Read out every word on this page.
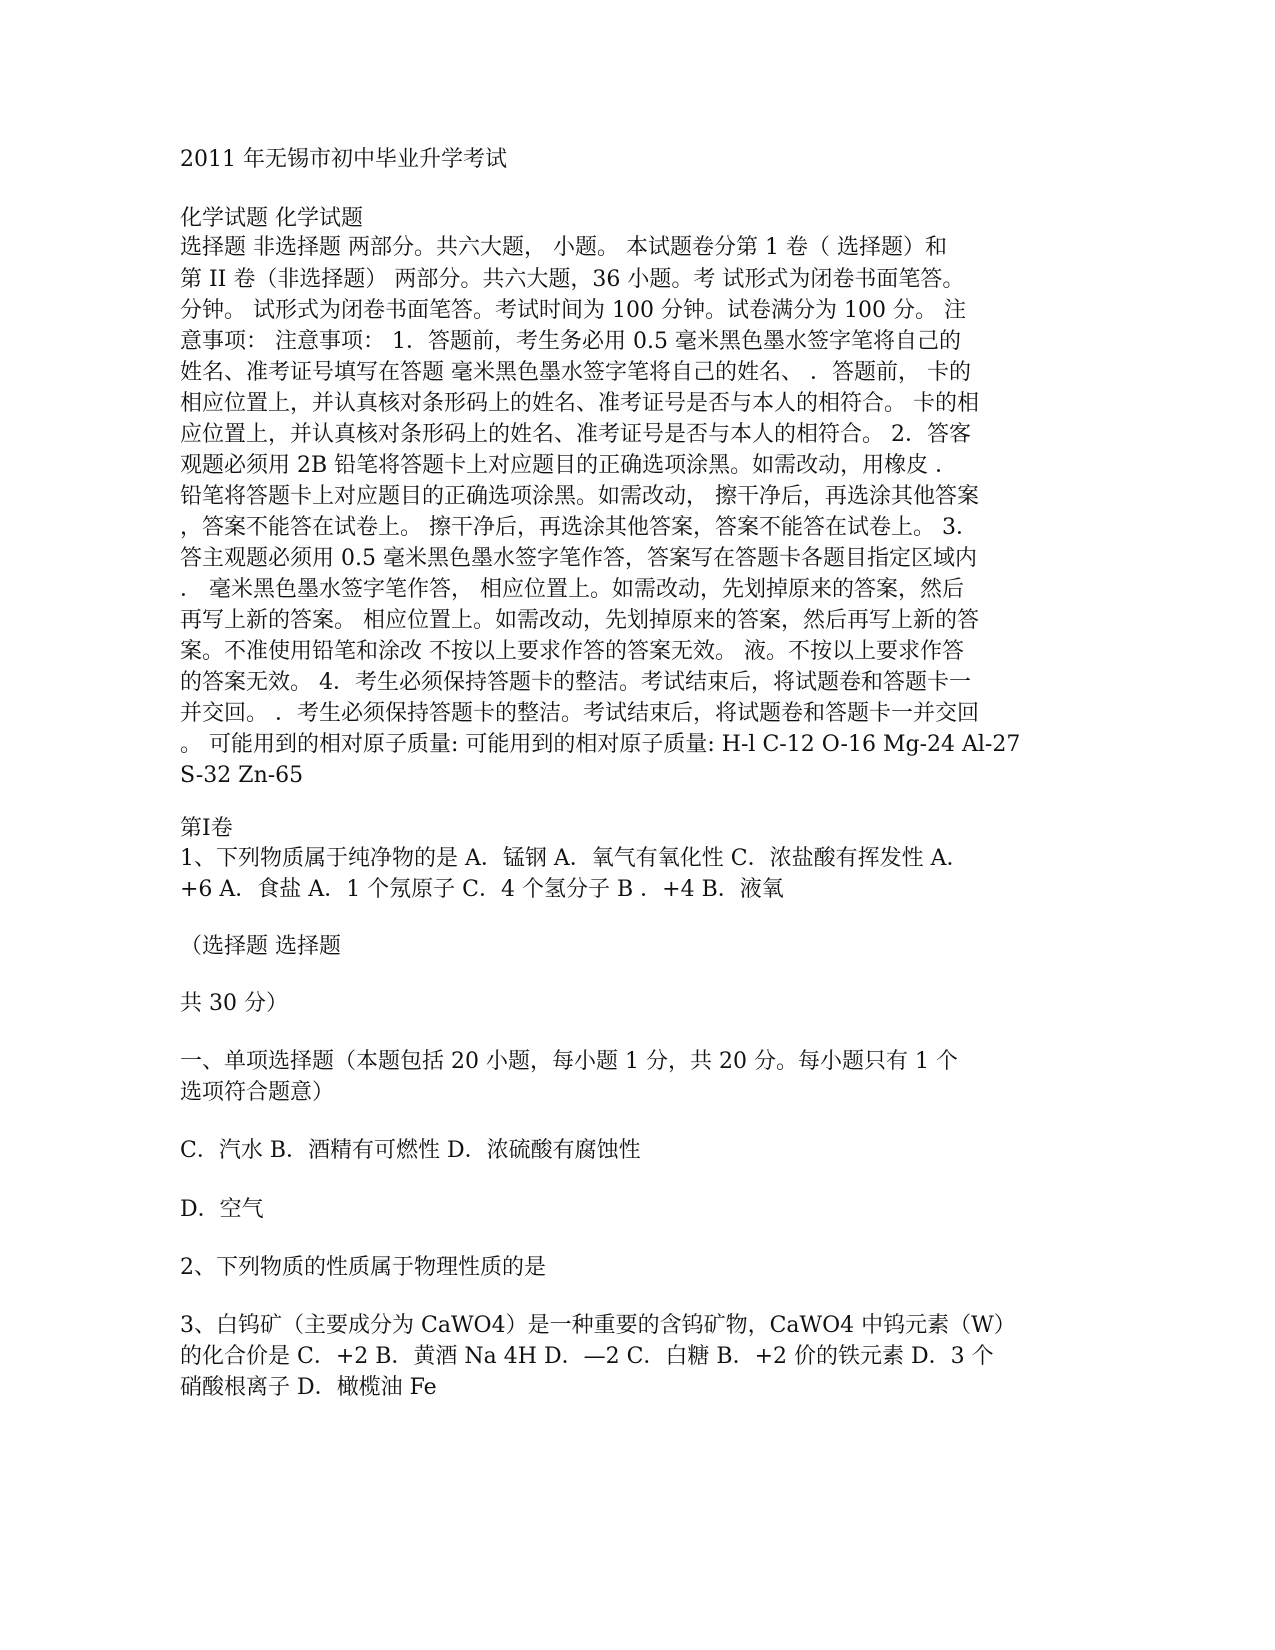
2011 年无锡市初中毕业升学考试
化学试题 化学试题
选择题 非选择题 两部分。共六大题， 小题。 本试题卷分第 1 卷（ 选择题）和
第 II 卷（非选择题） 两部分。共六大题，36 小题。考 试形式为闭卷书面笔答。
分钟。 试形式为闭卷书面笔答。考试时间为 100 分钟。试卷满分为 100 分。 注
意事项： 注意事项： 1．答题前，考生务必用 0.5 毫米黑色墨水签字笔将自己的
姓名、准考证号填写在答题 毫米黑色墨水签字笔将自己的姓名、 ．答题前， 卡的
相应位置上，并认真核对条形码上的姓名、准考证号是否与本人的相符合。 卡的相
应位置上，并认真核对条形码上的姓名、准考证号是否与本人的相符合。 2．答客
观题必须用 2B 铅笔将答题卡上对应题目的正确选项涂黑。如需改动，用橡皮 ．
铅笔将答题卡上对应题目的正确选项涂黑。如需改动， 擦干净后，再选涂其他答案
，答案不能答在试卷上。 擦干净后，再选涂其他答案，答案不能答在试卷上。 3．
答主观题必须用 0.5 毫米黑色墨水签字笔作答，答案写在答题卡各题目指定区域内
． 毫米黑色墨水签字笔作答， 相应位置上。如需改动，先划掉原来的答案，然后
再写上新的答案。 相应位置上。如需改动，先划掉原来的答案，然后再写上新的答
案。不准使用铅笔和涂改 不按以上要求作答的答案无效。 液。不按以上要求作答
的答案无效。 4．考生必须保持答题卡的整洁。考试结束后，将试题卷和答题卡一
并交回。 ．考生必须保持答题卡的整洁。考试结束后，将试题卷和答题卡一并交回
。 可能用到的相对原子质量: 可能用到的相对原子质量: H-l C-12 O-16 Mg-24 Al-27
S-32 Zn-65
第I卷
1、下列物质属于纯净物的是 A．锰钢 A．氧气有氧化性 C．浓盐酸有挥发性 A．
+6 A．食盐 A．1 个氖原子 C．4 个氢分子 B ．+4 B．液氧
（选择题 选择题
共 30 分）
一、单项选择题（本题包括 20 小题，每小题 1 分，共 20 分。每小题只有 1 个
选项符合题意）
C．汽水 B．酒精有可燃性 D．浓硫酸有腐蚀性
D．空气
2、下列物质的性质属于物理性质的是
3、白钨矿（主要成分为 CaWO4）是一种重要的含钨矿物，CaWO4 中钨元素（W）
的化合价是 C．+2 B．黄酒 Na 4H D．—2 C．白糖 B．+2 价的铁元素 D．3 个
硝酸根离子 D．橄榄油 Fe
